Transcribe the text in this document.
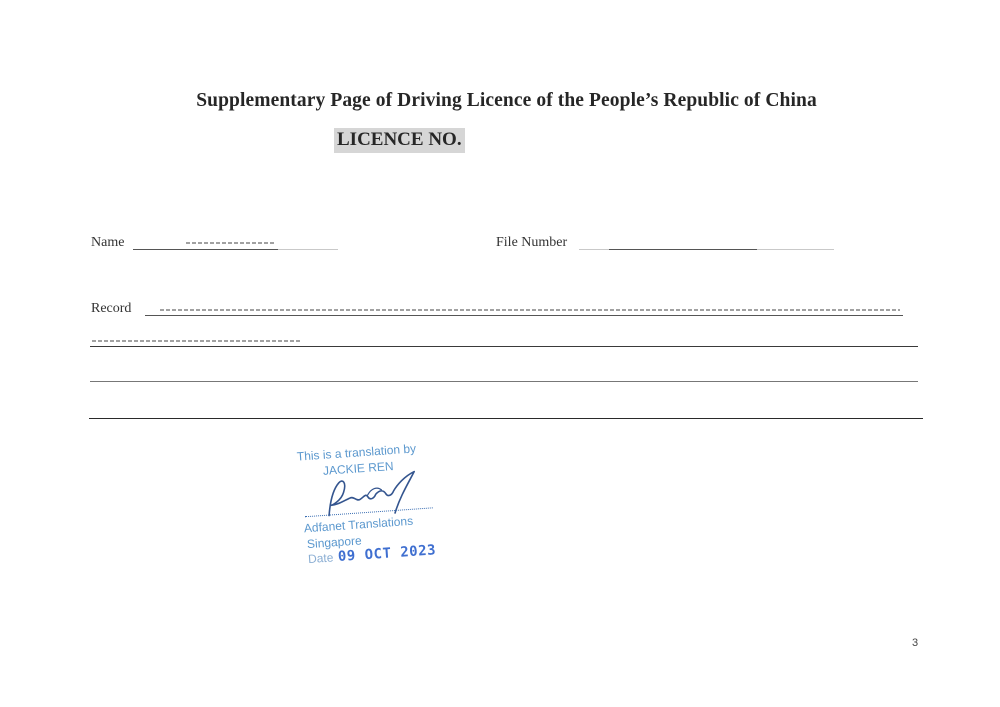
Supplementary Page of Driving Licence of the People’s Republic of China
LICENCE NO.
Name	File Number
Record
This is a translation by
JACKIE REN
Adfanet Translations
Singapore
Date 09 OCT 2023
3
